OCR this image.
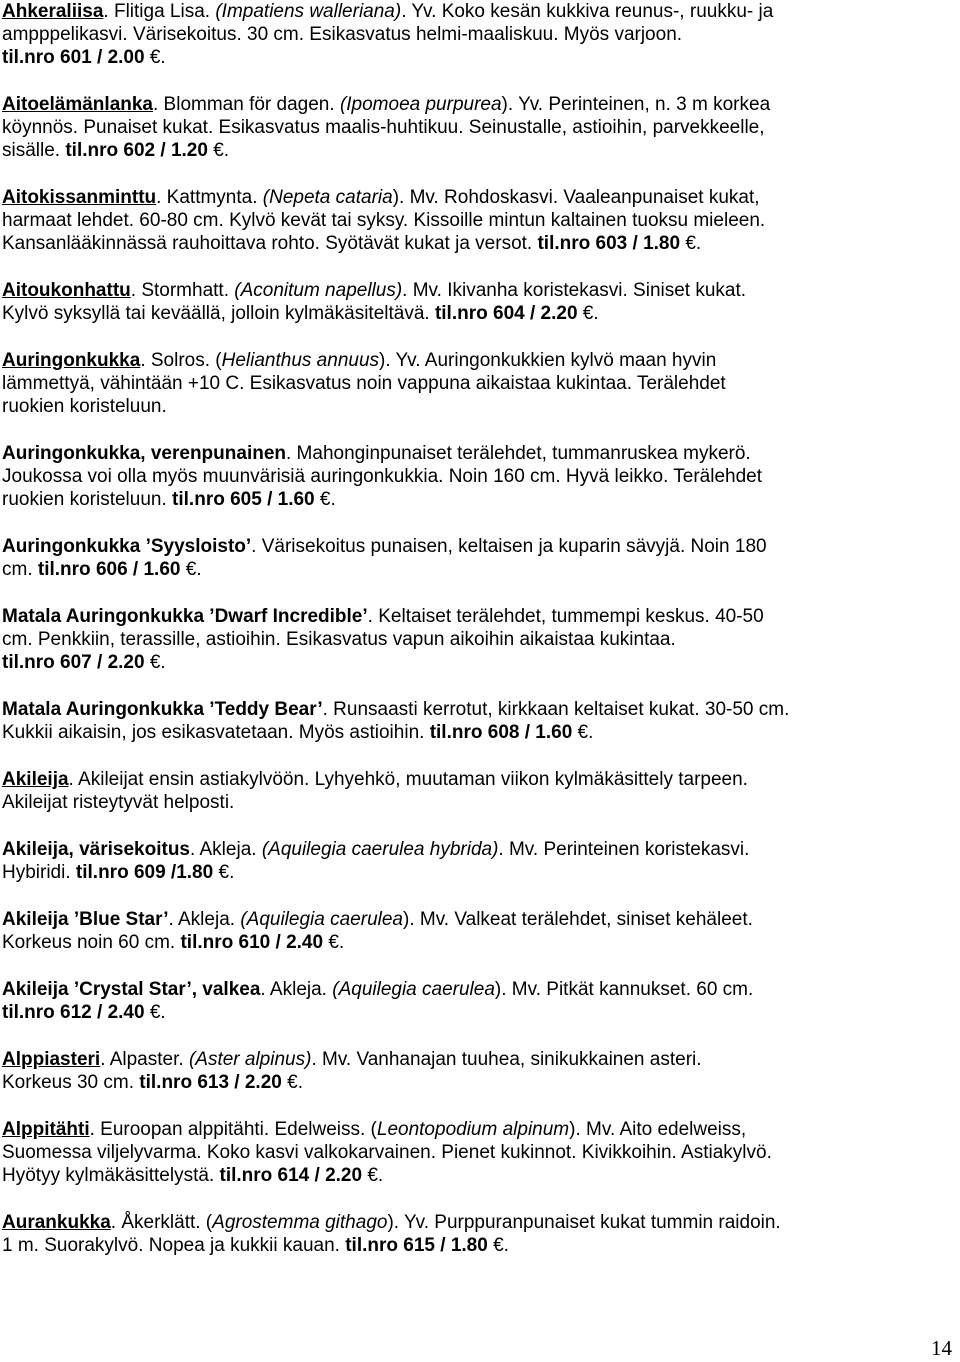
Ahkeraliisa. Flitiga Lisa. (Impatiens walleriana). Yv. Koko kesän kukkiva reunus-, ruukku- ja
ampppelikasvi. Värisekoitus. 30 cm. Esikasvatus helmi-maaliskuu. Myös varjoon.
til.nro 601 / 2.00 €.
Aitoelämänlanka. Blomman för dagen. (Ipomoea purpurea). Yv. Perinteinen, n. 3 m korkea
köynnös. Punaiset kukat. Esikasvatus maalis-huhtikuu. Seinustalle, astioihin, parvekkeelle,
sisälle. til.nro 602 / 1.20 €.
Aitokissanminttu. Kattmynta. (Nepeta cataria). Mv. Rohdoskasvi. Vaaleanpunaiset kukat,
harmaat lehdet. 60-80 cm. Kylvö kevät tai syksy. Kissoille mintun kaltainen tuoksu mieleen.
Kansanlääkinnässä rauhoittava rohto. Syötävät kukat ja versot. til.nro 603 / 1.80 €.
Aitoukonhattu. Stormhatt. (Aconitum napellus). Mv. Ikivanha koristekasvi. Siniset kukat.
Kylvö syksyllä tai keväällä, jolloin kylmäkäsiteltävä. til.nro 604 / 2.20 €.
Auringonkukka. Solros. (Helianthus annuus). Yv. Auringonkukkien kylvö maan hyvin
lämmettyä, vähintään +10 C. Esikasvatus noin vappuna aikaistaa kukintaa. Terälehdet
ruokien koristeluun.
Auringonkukka, verenpunainen. Mahonginpunaiset terälehdet, tummanruskea mykerö.
Joukossa voi olla myös muunvärisiä auringonkukkia. Noin 160 cm. Hyvä leikko. Terälehdet
ruokien koristeluun. til.nro 605 / 1.60 €.
Auringonkukka ’Syysloisto’. Värisekoitus punaisen, keltaisen ja kuparin sävyjä. Noin 180
cm. til.nro 606 / 1.60 €.
Matala Auringonkukka ’Dwarf Incredible’. Keltaiset terälehdet, tummempi keskus. 40-50
cm. Penkkiin, terassille, astioihin. Esikasvatus vapun aikoihin aikaistaa kukintaa.
til.nro 607 / 2.20 €.
Matala Auringonkukka ’Teddy Bear’. Runsaasti kerrotut, kirkkaan keltaiset kukat. 30-50 cm.
Kukkii aikaisin, jos esikasvatetaan. Myös astioihin. til.nro 608 / 1.60 €.
Akileija. Akileijat ensin astiakylvöön. Lyhyehkö, muutaman viikon kylmäkäsittely tarpeen.
Akileijat risteytyvät helposti.
Akileija, värisekoitus. Akleja. (Aquilegia caerulea hybrida). Mv. Perinteinen koristekasvi.
Hybiridi. til.nro 609 /1.80 €.
Akileija ’Blue Star’. Akleja. (Aquilegia caerulea). Mv. Valkeat terälehdet, siniset kehäleet.
Korkeus noin 60 cm. til.nro 610 / 2.40 €.
Akileija ’Crystal Star’, valkea. Akleja. (Aquilegia caerulea). Mv. Pitkät kannukset. 60 cm.
til.nro 612 / 2.40 €.
Alppiasteri. Alpaster. (Aster alpinus). Mv. Vanhanajan tuuhea, sinikukkainen asteri.
Korkeus 30 cm. til.nro 613 / 2.20 €.
Alppitähti. Euroopan alppitähti. Edelweiss. (Leontopodium alpinum). Mv. Aito edelweiss,
Suomessa viljelyvarma. Koko kasvi valkokarvainen. Pienet kukinnot. Kivikkoihin. Astiakylvö.
Hyötyy kylmäkäsittelystä. til.nro 614 / 2.20 €.
Aurankukka. Åkerklätt. (Agrostemma githago). Yv. Purppuranpunaiset kukat tummin raidoin.
1 m. Suorakylvö. Nopea ja kukkii kauan. til.nro 615 / 1.80 €.
14
